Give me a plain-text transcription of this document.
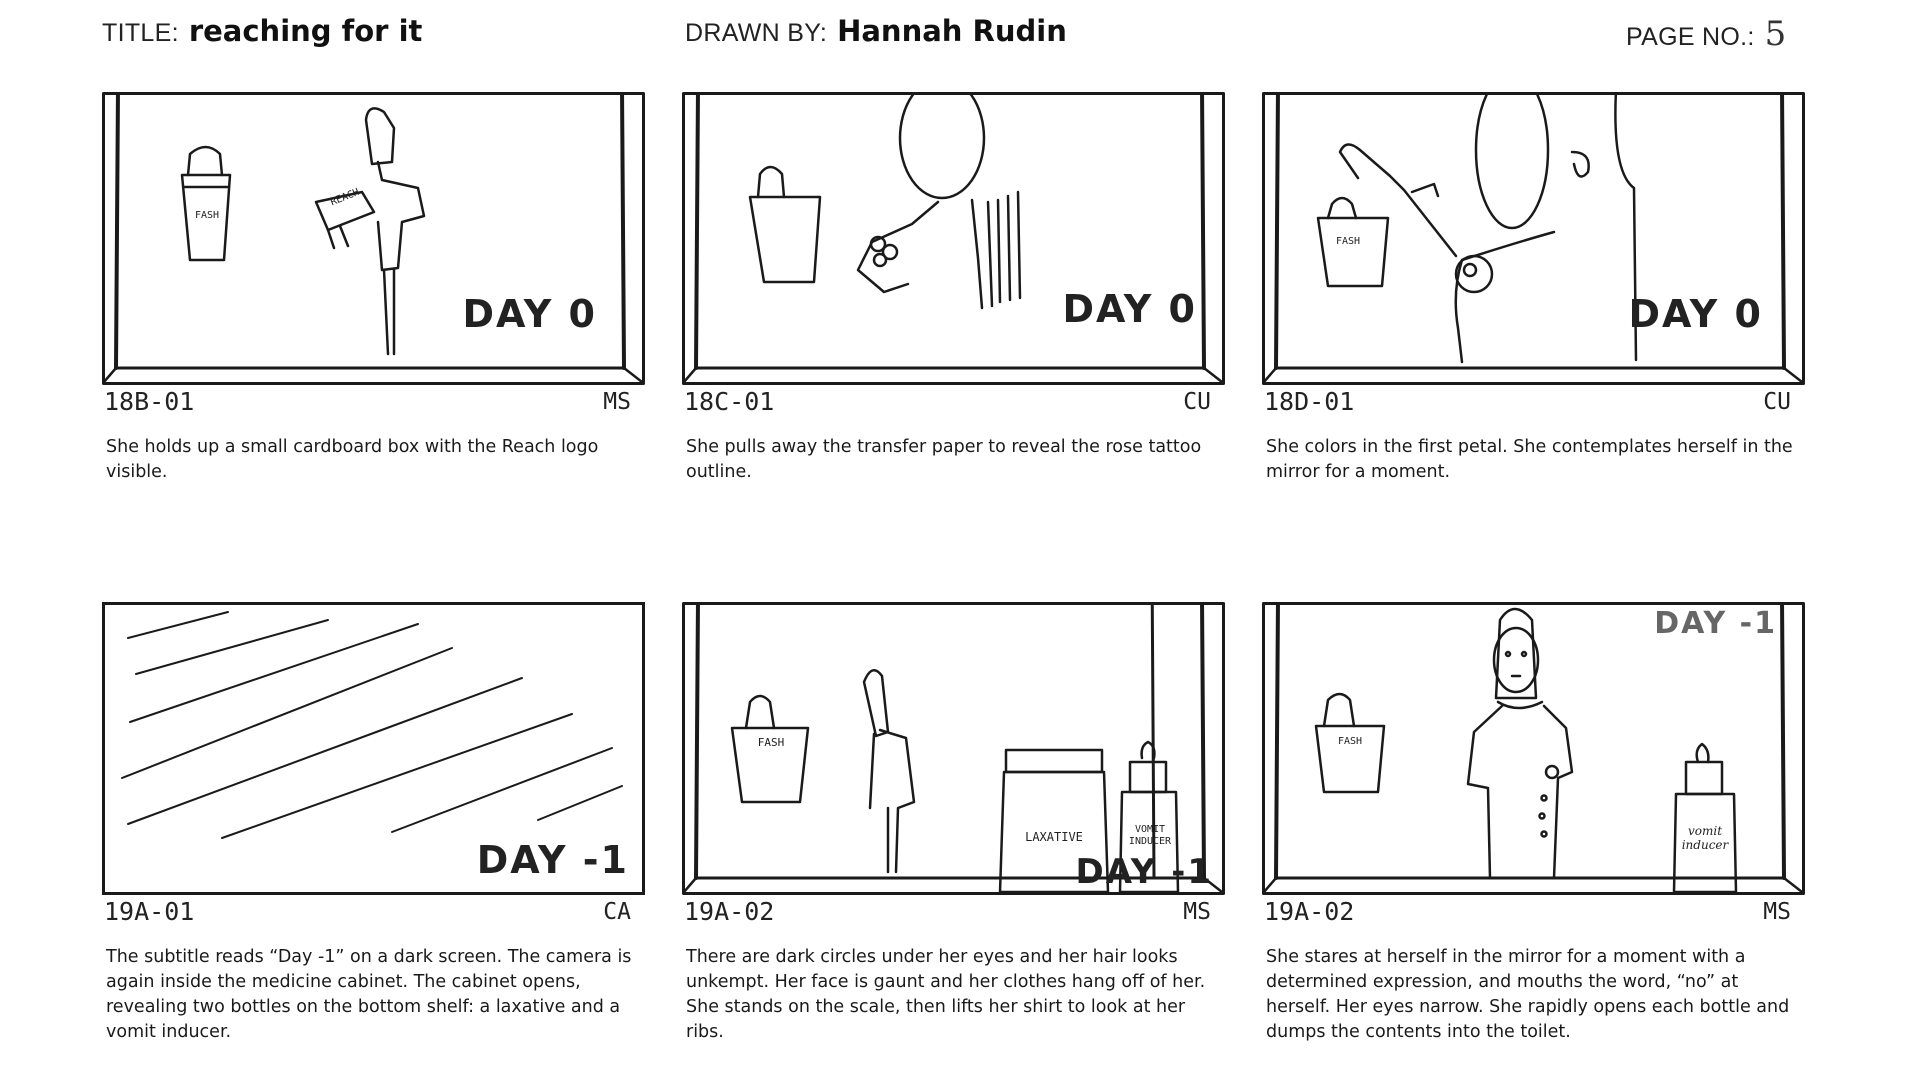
TITLE: reaching for it	DRAWN BY: Hannah Rudin	PAGE NO.: 5
DAY 0
FASH
REACH
18B-01	MS
She holds up a small cardboard box with the Reach logo visible.
DAY 0
18C-01	CU
She pulls away the transfer paper to reveal the rose tattoo outline.
DAY 0
FASH
18D-01	CU
She colors in the first petal. She contemplates herself in the mirror for a moment.
DAY -1
19A-01	CA
The subtitle reads “Day -1” on a dark screen. The camera is again inside the medicine cabinet. The cabinet opens, revealing two bottles on the bottom shelf: a laxative and a vomit inducer.
DAY -1
FASH
LAXATIVE
VOMIT INDUCER
19A-02	MS
There are dark circles under her eyes and her hair looks unkempt. Her face is gaunt and her clothes hang off of her. She stands on the scale, then lifts her shirt to look at her ribs.
DAY -1
FASH
vomit inducer
19A-02	MS
She stares at herself in the mirror for a moment with a determined expression, and mouths the word, “no” at herself. Her eyes narrow. She rapidly opens each bottle and dumps the contents into the toilet.
